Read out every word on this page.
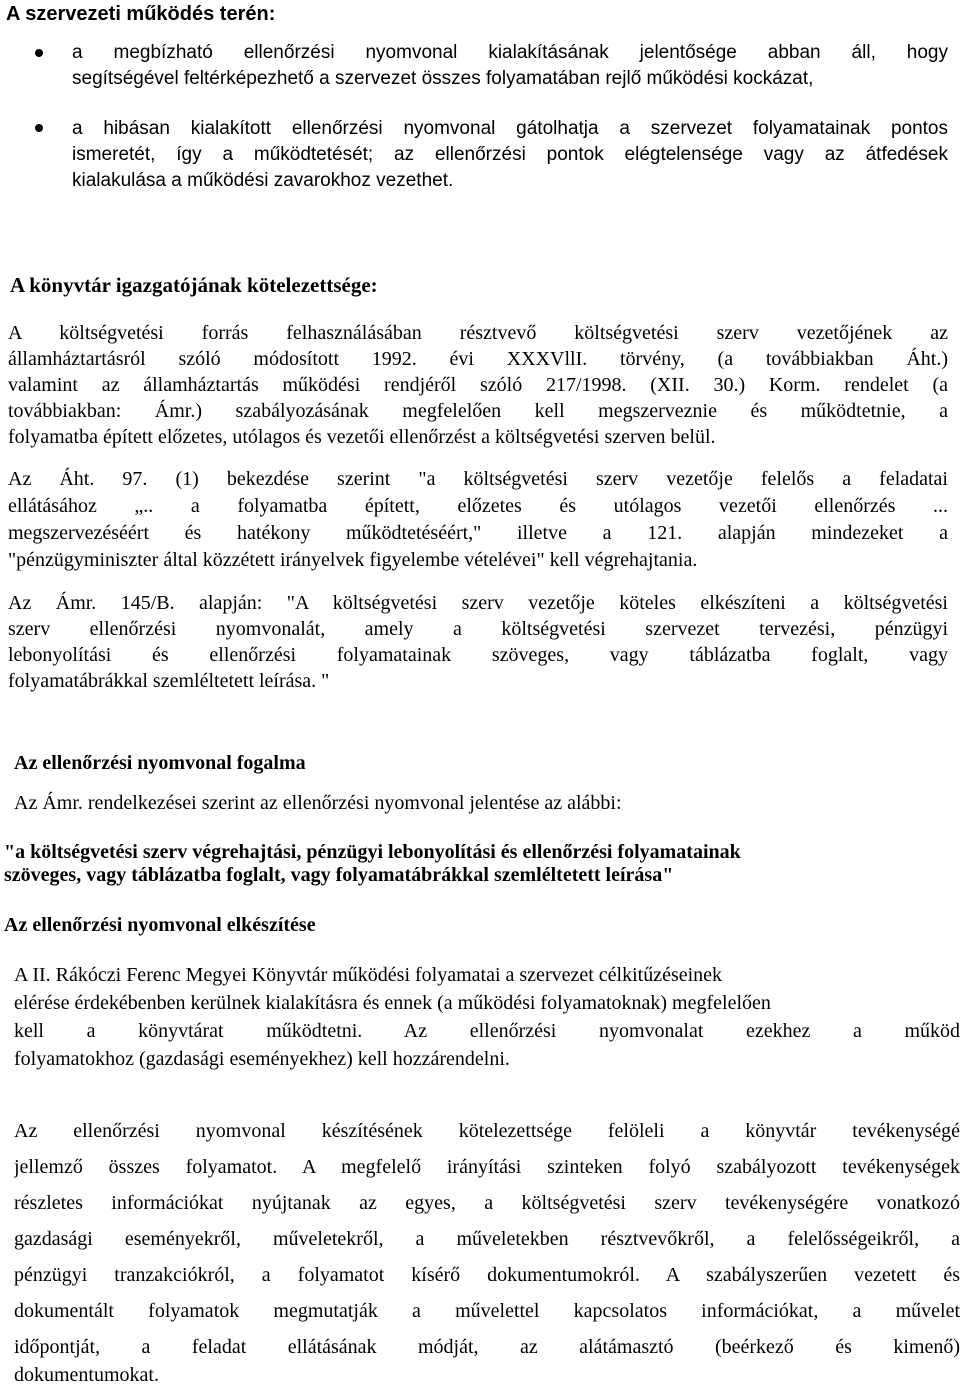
A szervezeti működés terén:

a megbízható ellenőrzési nyomvonal kialakításának jelentősége abban áll, hogy

segítségével feltérképezhető a szervezet összes folyamatában rejlő működési kockázat,

a hibásan kialakított ellenőrzési nyomvonal gátolhatja a szervezet folyamatainak pontos

ismeretét, így a működtetését; az ellenőrzési pontok elégtelensége vagy az átfedések

kialakulása a működési zavarokhoz vezethet.

A könyvtár igazgatójának kötelezettsége:

A költségvetési forrás felhasználásában résztvevő költségvetési szerv vezetőjének az

államháztartásról szóló módosított 1992. évi XXXVllI. törvény, (a továbbiakban Áht.)

valamint az államháztartás működési rendjéről szóló 217/1998. (XII. 30.) Korm. rendelet (a

továbbiakban: Ámr.) szabályozásának megfelelően kell megszerveznie és működtetnie, a

folyamatba épített előzetes, utólagos és vezetői ellenőrzést a költségvetési szerven belül.

Az Áht. 97. (1) bekezdése szerint "a költségvetési szerv vezetője felelős a feladatai

ellátásához „.. a folyamatba épített, előzetes és utólagos vezetői ellenőrzés ...

megszervezéséért és hatékony működtetéséért," illetve a 121. alapján mindezeket a

"pénzügyminiszter által közzétett irányelvek figyelembe vételévei" kell végrehajtania.

Az Ámr. 145/B. alapján: "A költségvetési szerv vezetője köteles elkészíteni a költségvetési

szerv ellenőrzési nyomvonalát, amely a költségvetési szervezet tervezési, pénzügyi

lebonyolítási és ellenőrzési folyamatainak szöveges, vagy táblázatba foglalt, vagy

folyamatábrákkal szemléltetett leírása. "

Az ellenőrzési nyomvonal fogalma

Az Ámr. rendelkezései szerint az ellenőrzési nyomvonal jelentése az alábbi:

"a költségvetési szerv végrehajtási, pénzügyi lebonyolítási és ellenőrzési folyamatainak

szöveges, vagy táblázatba foglalt, vagy folyamatábrákkal szemléltetett leírása"

Az ellenőrzési nyomvonal elkészítése

A II. Rákóczi Ferenc Megyei Könyvtár működési folyamatai a szervezet célkitűzéseinek

elérése érdekébenben kerülnek kialakításra és ennek (a működési folyamatoknak) megfelelően

kell a könyvtárat működtetni. Az ellenőrzési nyomvonalat ezekhez a működ

folyamatokhoz (gazdasági eseményekhez) kell hozzárendelni.

Az ellenőrzési nyomvonal készítésének kötelezettsége felöleli a könyvtár tevékenységé

jellemző összes folyamatot. A megfelelő irányítási szinteken folyó szabályozott tevékenységek

részletes információkat nyújtanak az egyes, a költségvetési szerv tevékenységére vonatkozó

gazdasági eseményekről, műveletekről, a műveletekben résztvevőkről, a felelősségeikről, a

pénzügyi tranzakciókról, a folyamatot kísérő dokumentumokról. A szabályszerűen vezetett és

dokumentált folyamatok megmutatják a művelettel kapcsolatos információkat, a művelet

időpontját, a feladat ellátásának módját, az alátámasztó (beérkező és kimenő)

dokumentumokat.
